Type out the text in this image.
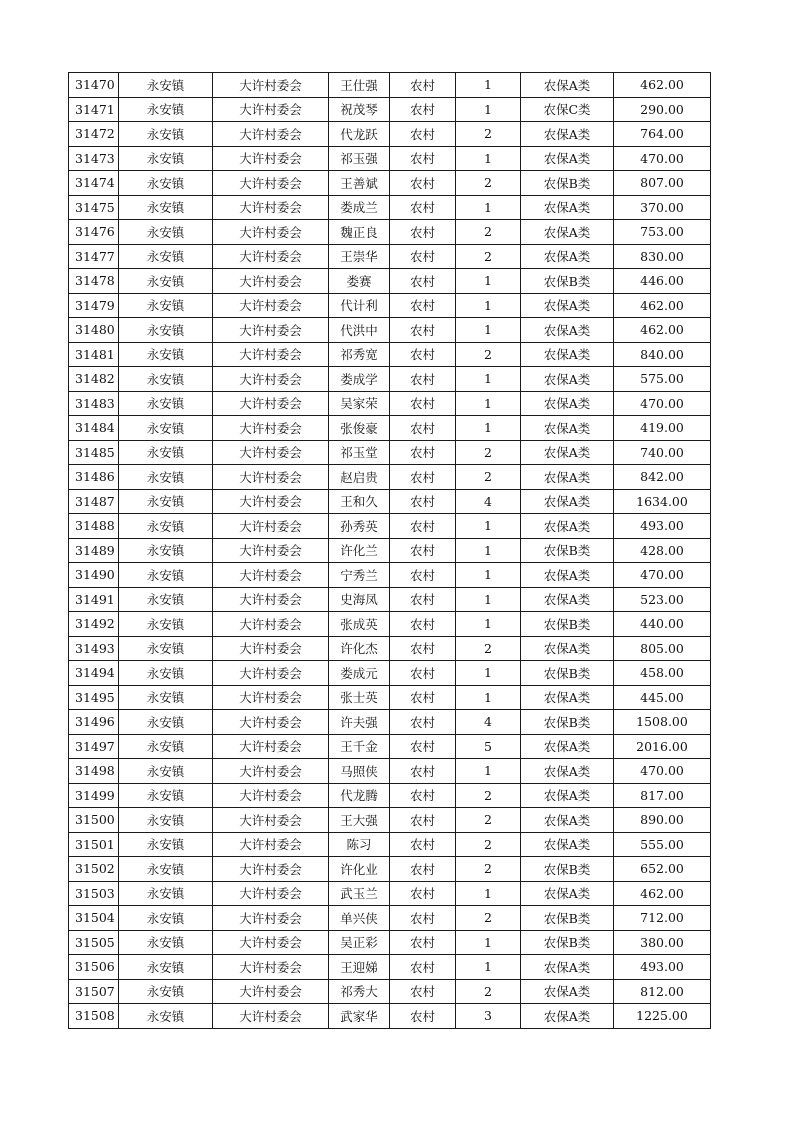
31470	永安镇	大许村委会	王仕强	农村	1	农保A类	462.00
31471	永安镇	大许村委会	祝茂琴	农村	1	农保C类	290.00
31472	永安镇	大许村委会	代龙跃	农村	2	农保A类	764.00
31473	永安镇	大许村委会	祁玉强	农村	1	农保A类	470.00
31474	永安镇	大许村委会	王善斌	农村	2	农保B类	807.00
31475	永安镇	大许村委会	娄成兰	农村	1	农保A类	370.00
31476	永安镇	大许村委会	魏正良	农村	2	农保A类	753.00
31477	永安镇	大许村委会	王崇华	农村	2	农保A类	830.00
31478	永安镇	大许村委会	娄赛	农村	1	农保B类	446.00
31479	永安镇	大许村委会	代计利	农村	1	农保A类	462.00
31480	永安镇	大许村委会	代洪中	农村	1	农保A类	462.00
31481	永安镇	大许村委会	祁秀宽	农村	2	农保A类	840.00
31482	永安镇	大许村委会	娄成学	农村	1	农保A类	575.00
31483	永安镇	大许村委会	吴家荣	农村	1	农保A类	470.00
31484	永安镇	大许村委会	张俊豪	农村	1	农保A类	419.00
31485	永安镇	大许村委会	祁玉堂	农村	2	农保A类	740.00
31486	永安镇	大许村委会	赵启贵	农村	2	农保A类	842.00
31487	永安镇	大许村委会	王和久	农村	4	农保A类	1634.00
31488	永安镇	大许村委会	孙秀英	农村	1	农保A类	493.00
31489	永安镇	大许村委会	许化兰	农村	1	农保B类	428.00
31490	永安镇	大许村委会	宁秀兰	农村	1	农保A类	470.00
31491	永安镇	大许村委会	史海凤	农村	1	农保A类	523.00
31492	永安镇	大许村委会	张成英	农村	1	农保B类	440.00
31493	永安镇	大许村委会	许化杰	农村	2	农保A类	805.00
31494	永安镇	大许村委会	娄成元	农村	1	农保B类	458.00
31495	永安镇	大许村委会	张士英	农村	1	农保A类	445.00
31496	永安镇	大许村委会	许夫强	农村	4	农保B类	1508.00
31497	永安镇	大许村委会	王千金	农村	5	农保A类	2016.00
31498	永安镇	大许村委会	马照侠	农村	1	农保A类	470.00
31499	永安镇	大许村委会	代龙腾	农村	2	农保A类	817.00
31500	永安镇	大许村委会	王大强	农村	2	农保A类	890.00
31501	永安镇	大许村委会	陈习	农村	2	农保A类	555.00
31502	永安镇	大许村委会	许化业	农村	2	农保B类	652.00
31503	永安镇	大许村委会	武玉兰	农村	1	农保A类	462.00
31504	永安镇	大许村委会	单兴侠	农村	2	农保B类	712.00
31505	永安镇	大许村委会	吴正彩	农村	1	农保B类	380.00
31506	永安镇	大许村委会	王迎娣	农村	1	农保A类	493.00
31507	永安镇	大许村委会	祁秀大	农村	2	农保A类	812.00
31508	永安镇	大许村委会	武家华	农村	3	农保A类	1225.00
